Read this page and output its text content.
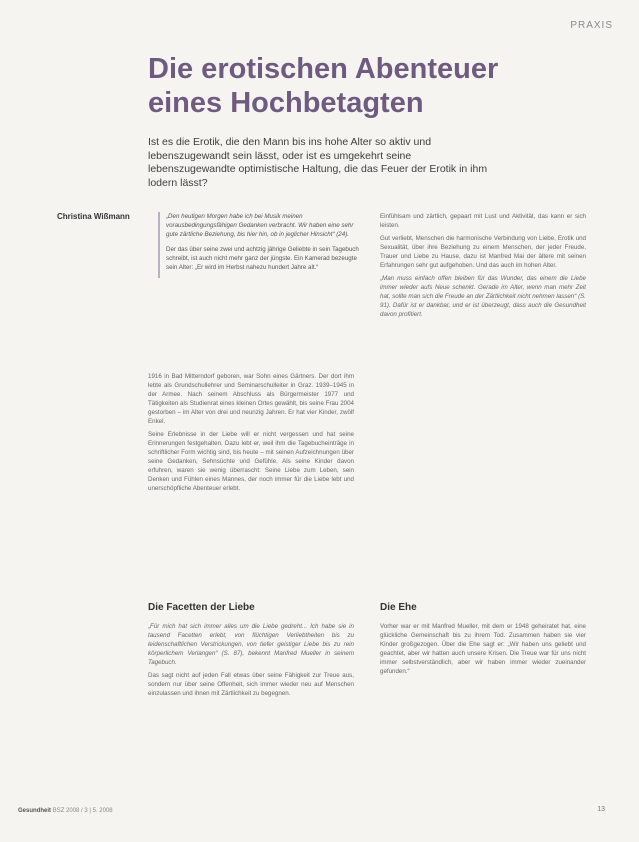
PRAXIS
Die erotischen Abenteuer
eines Hochbetagten
Ist es die Erotik, die den Mann bis ins hohe Alter so aktiv und lebenszugewandt sein lässt, oder ist es umgekehrt seine lebenszugewandte optimistische Haltung, die das Feuer der Erotik in ihm lodern lässt?
Christina Wißmann	„Den heutigen Morgen habe ich bei Musik meinen vorausbedingungsfähigen Gedanken verbracht. Wir haben eine sehr gute zärtliche Beziehung, bis hier hin, ob in jeglicher Hinsicht“ (24).

Der das über seine zwei und achtzig jährige Geliebte in sein Tagebuch schreibt, ist auch nicht mehr ganz der jüngste. Ein Kamerad bezeugte sein Alter: „Er wird im Herbst nahezu hundert Jahre alt.“

1916 in Bad Mitterndorf geboren, war Sohn eines Gärtners. Der dort ihm lebte als Grundschullehrer und Seminarschulleiter in Graz. 1939–1945 in der Armee. Nach seinem Abschluss als Bürgermeister 1977 und Tätigkeiten als Studienrat eines kleinen Ortes gewählt, bis seine Frau 2004 gestorben – im Alter von drei und neunzig Jahren. Er hat vier Kinder, zwölf Enkel.

Seine Erlebnisse in der Liebe will er nicht vergessen und hat seine Erinnerungen festgehalten. Dazu lebt er, weil ihm die Tagebucheinträge in schriftlicher Form wichtig sind, bis heute – mit seinen Aufzeichnungen über seine Gedanken, Sehnsüchte und Gefühle. Als seine Kinder davon erfuhren, waren sie wenig überrascht: Seine Liebe zum Leben, sein Denken und Fühlen eines Mannes, der noch immer für die Liebe lebt und unerschöpfliche Abenteuer erlebt.

Die Facetten der Liebe

„Für mich hat sich immer alles um die Liebe gedreht... Ich habe sie in tausend Facetten erlebt, von flüchtigen Verliebtheiten bis zu leidenschaftlichen Verstrickungen, von tiefer geistiger Liebe bis zu rein körperlichem Verlangen“ (S. 87), bekennt Manfred Mueller in seinem Tagebuch.

Das sagt nicht auf jeden Fall etwas über seine Fähigkeit zur Treue aus, sondern nur über seine Offenheit, sich immer wieder neu auf Menschen einzulassen und ihnen mit Zärtlichkeit zu begegnen.

Einfühlsam und zärtlich, gepaart mit Lust und Aktivität, das kann er sich leisten.

Gut verliebt, Menschen die harmonische Verbindung von Liebe, Erotik und Sexualität, über ihre Beziehung zu einem Menschen, der jeder Freude, Trauer und Liebe zu Hause, dazu ist Manfred Mai der ältere mit seinen Erfahrungen sehr gut aufgehoben. Und das auch im hohen Alter.

„Man muss einfach offen bleiben für das Wunder, das einem die Liebe immer wieder aufs Neue schenkt. Gerade im Alter, wenn man mehr Zeit hat, sollte man sich die Freude an der Zärtlichkeit nicht nehmen lassen“ (S. 91). Dafür ist er dankbar, und er ist überzeugt, dass auch die Gesundheit davon profitiert.

Die Ehe

Vorher war er mit Manfred Mueller, mit dem er 1948 geheiratet hat, eine glückliche Gemeinschaft bis zu ihrem Tod. Zusammen haben sie vier Kinder großgezogen. Über die Ehe sagt er: „Wir haben uns geliebt und geachtet, aber wir hatten auch unsere Krisen. Die Treue war für uns nicht immer selbstverständlich, aber wir haben immer wieder zueinander gefunden.“

Gesundheit BSZ 2008 / 3 | 5. 2008	13
